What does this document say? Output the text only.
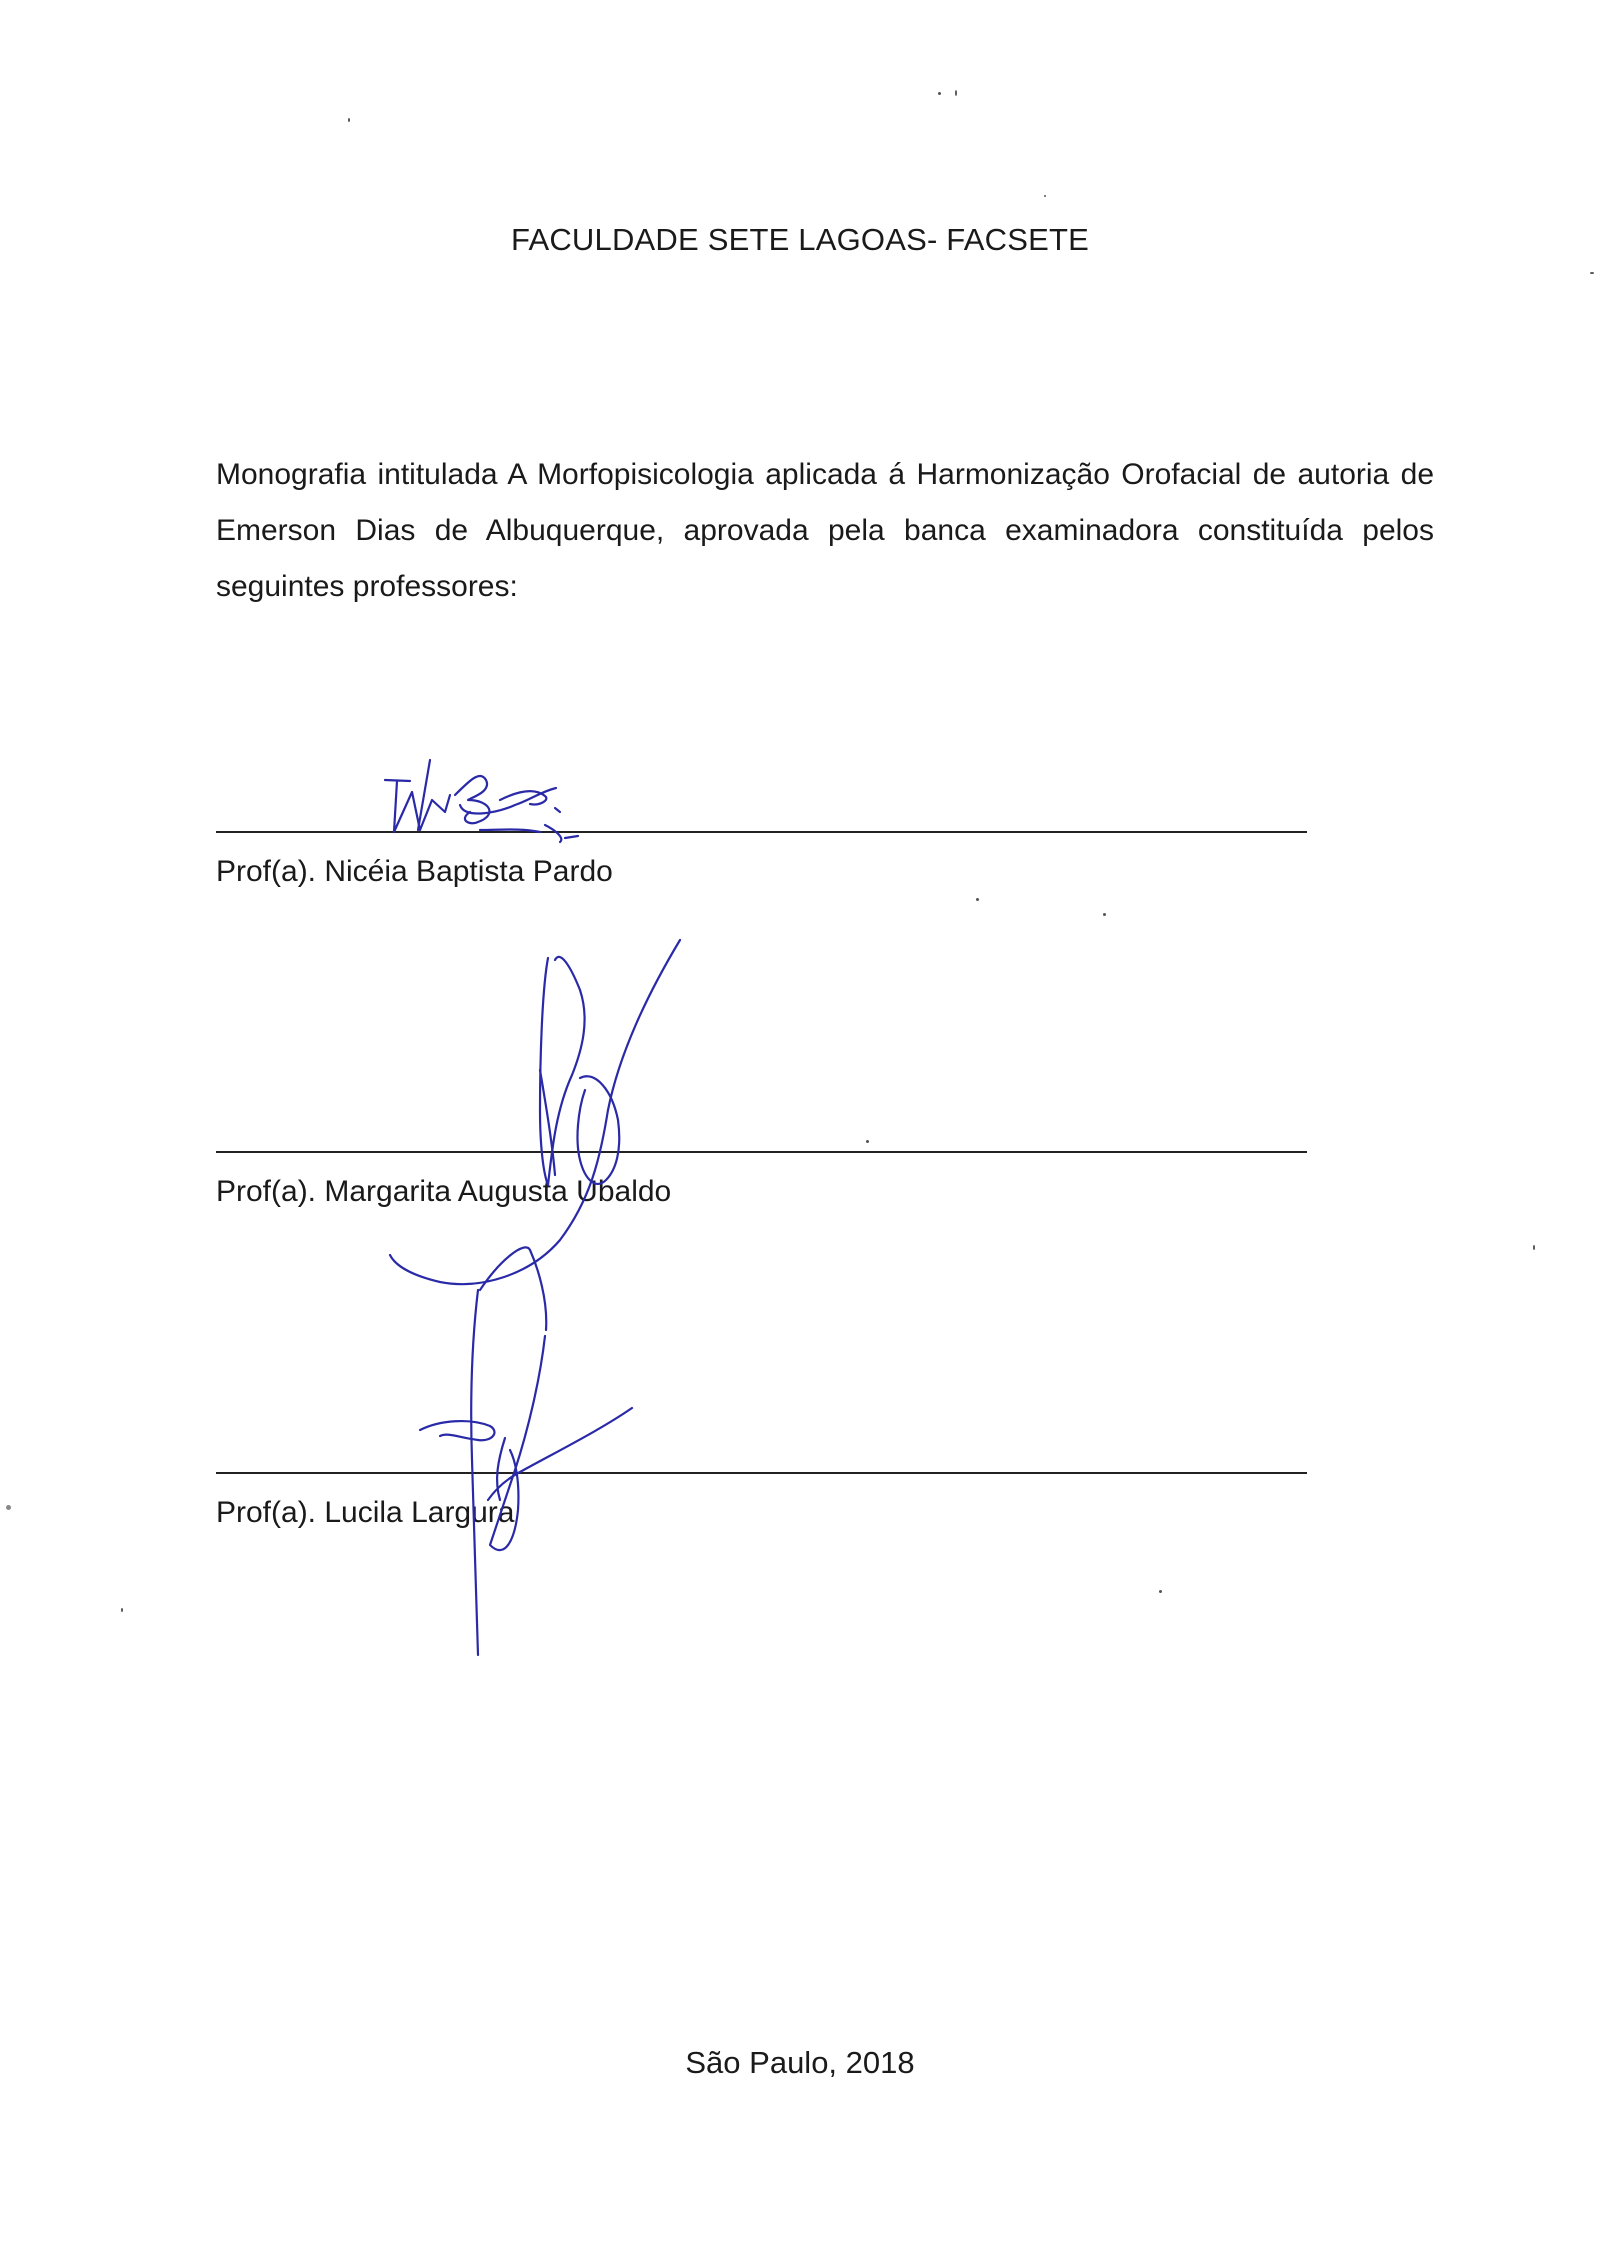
FACULDADE SETE LAGOAS- FACSETE
Monografia intitulada A Morfopisicologia aplicada á Harmonização Orofacial de autoria de Emerson Dias de Albuquerque, aprovada pela banca examinadora constituída pelos seguintes professores:
Prof(a). Nicéia Baptista Pardo
Prof(a). Margarita Augusta Ubaldo
Prof(a). Lucila Largura
São Paulo, 2018
